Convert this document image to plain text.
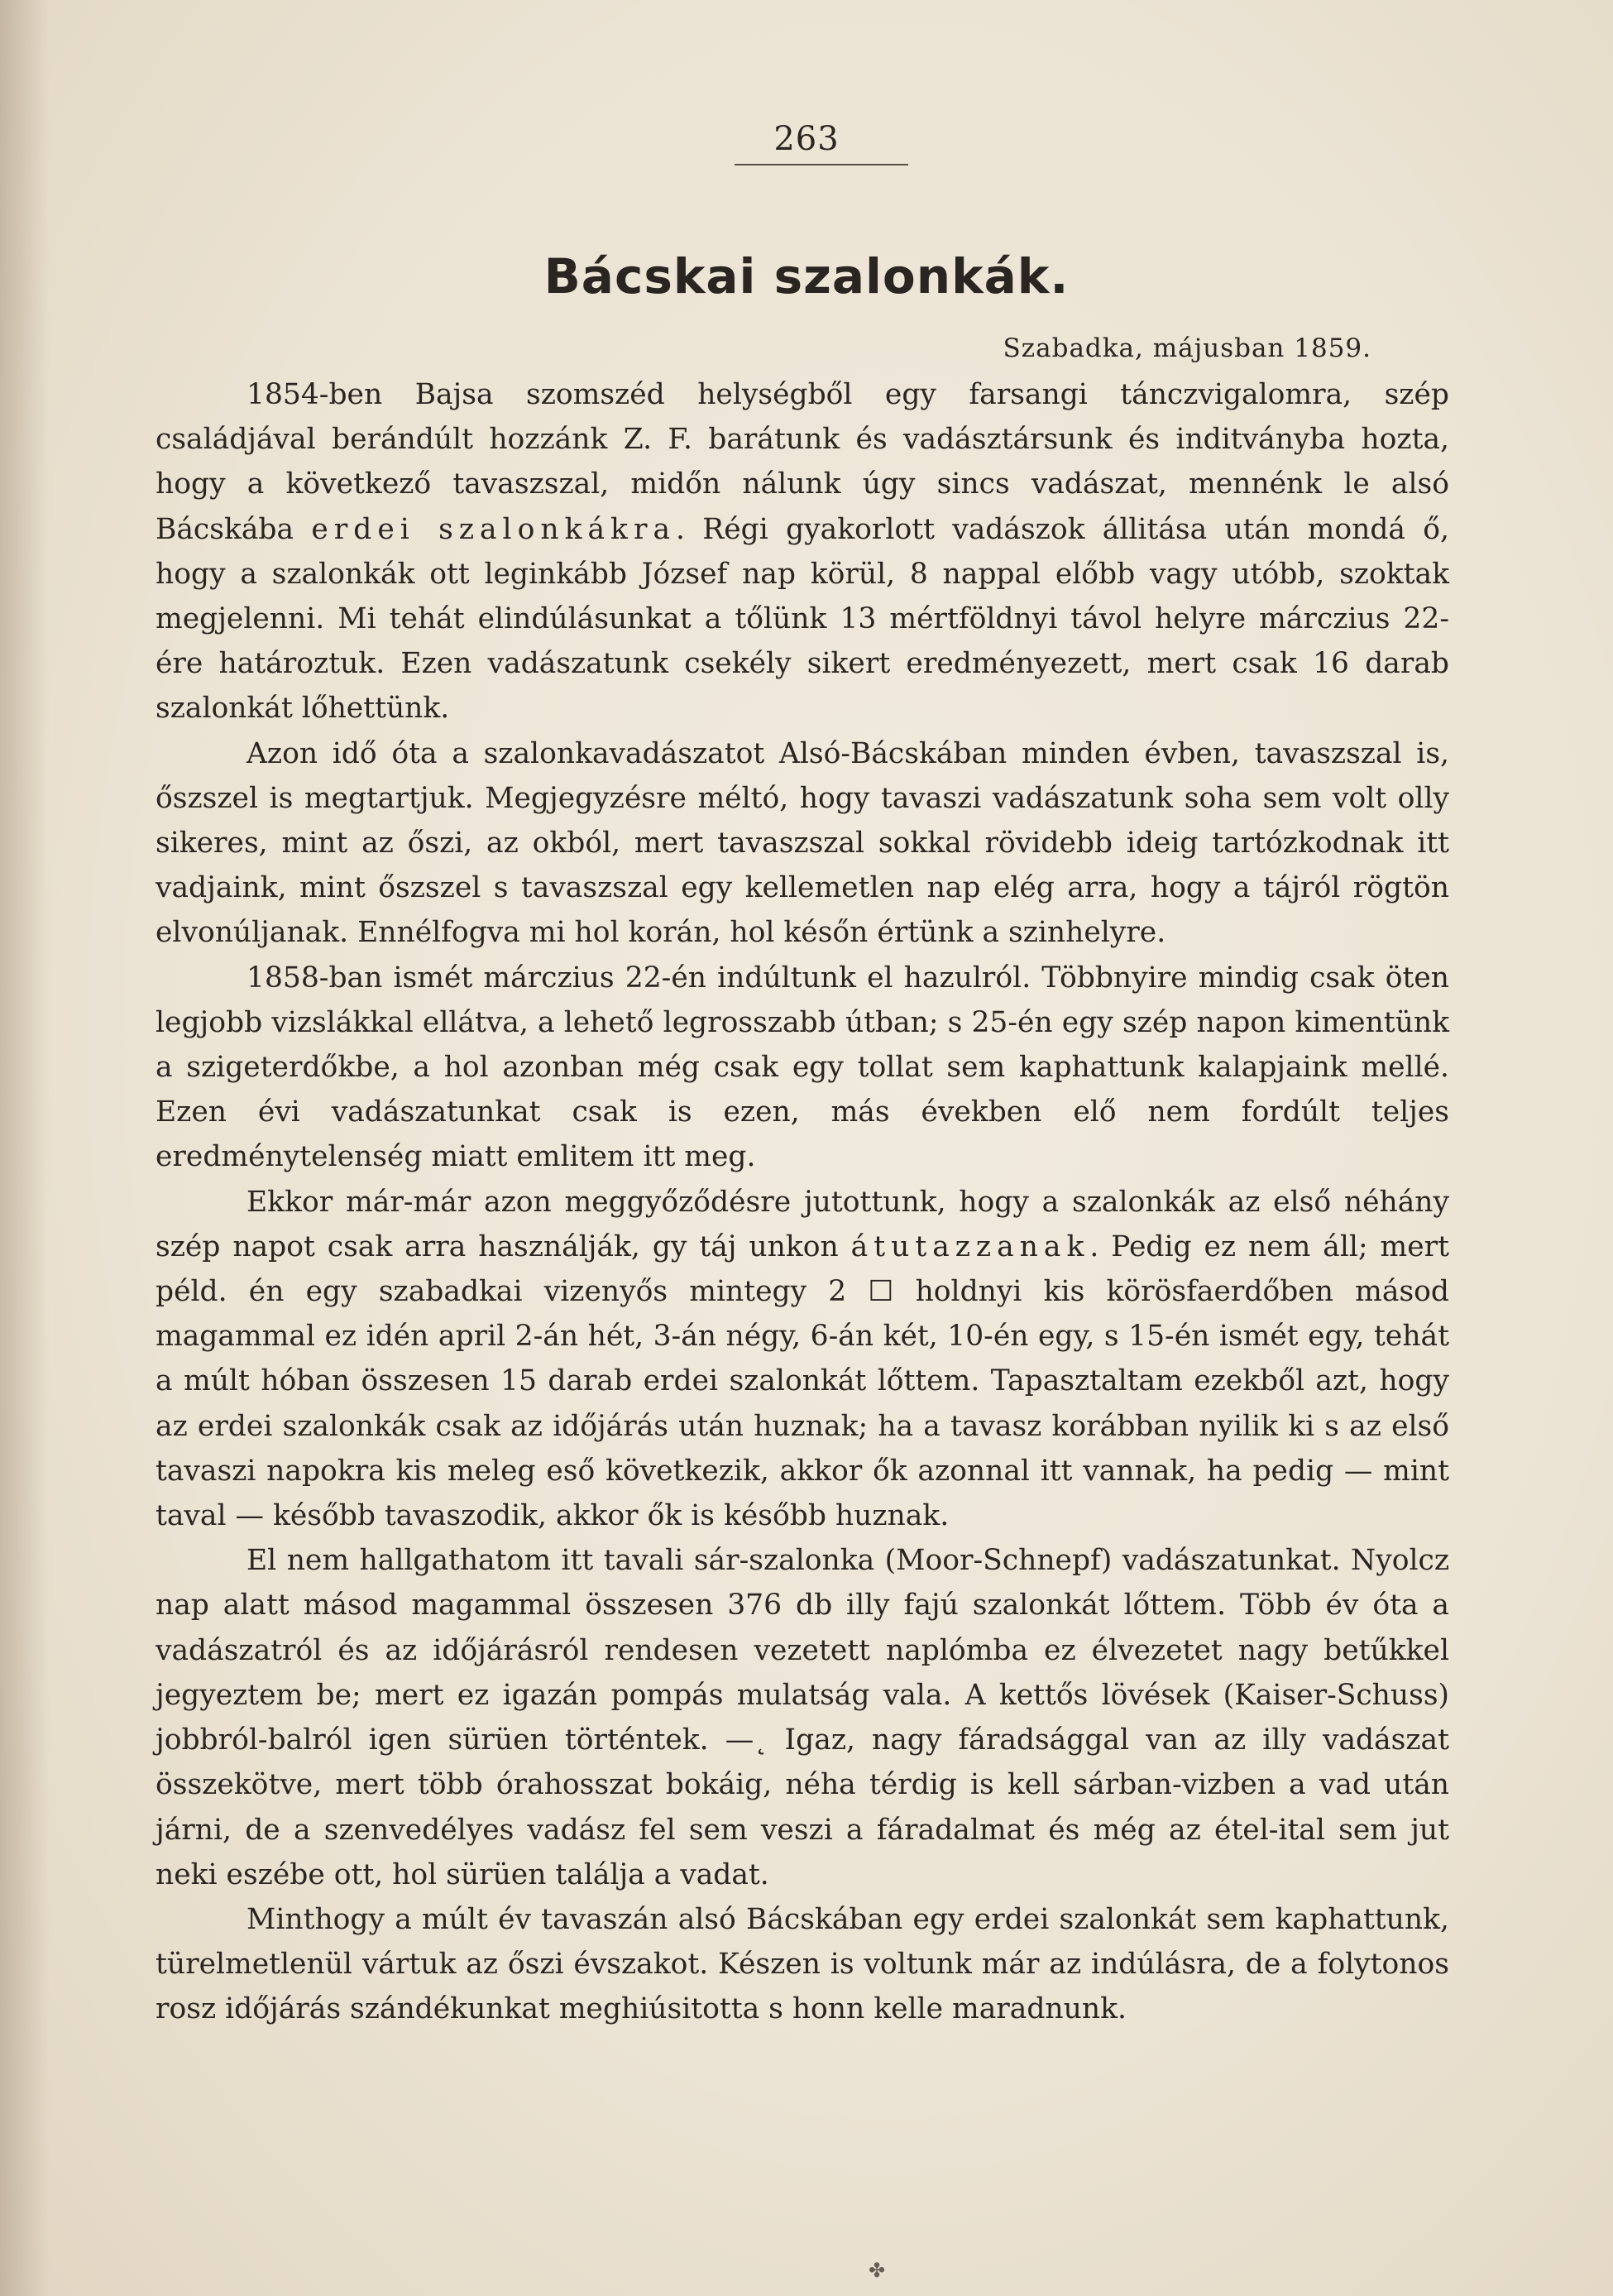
263
Bácskai szalonkák.
Szabadka, májusban 1859.

1854-ben Bajsa szomszéd helységből egy farsangi tánczvigalomra, szép családjával berándúlt hozzánk Z. F. barátunk és vadásztársunk és inditványba hozta, hogy a következő tavaszszal, midőn nálunk úgy sincs vadászat, mennénk le alsó Bácskába erdei szalonkákra. Régi gyakorlott vadászok állitása után mondá ő, hogy a szalonkák ott leginkább József nap körül, 8 nappal előbb vagy utóbb, szoktak megjelenni. Mi tehát elindúlásunkat a tőlünk 13 mértföldnyi távol helyre márczius 22-ére határoztuk. Ezen vadászatunk csekély sikert eredményezett, mert csak 16 darab szalonkát lőhettünk.

Azon idő óta a szalonkavadászatot Alsó-Bácskában minden évben, tavaszszal is, őszszel is megtartjuk. Megjegyzésre méltó, hogy tavaszi vadászatunk soha sem volt olly sikeres, mint az őszi, az okból, mert tavaszszal sokkal rövidebb ideig tartózkodnak itt vadjaink, mint őszszel s tavaszszal egy kellemetlen nap elég arra, hogy a tájról rögtön elvonúljanak. Ennélfogva mi hol korán, hol későn értünk a szinhelyre.

1858-ban ismét márczius 22-én indúltunk el hazulról. Többnyire mindig csak öten legjobb vizslákkal ellátva, a lehető legrosszabb útban; s 25-én egy szép napon kimentünk a szigeterdőkbe, a hol azonban még csak egy tollat sem kaphattunk kalapjaink mellé. Ezen évi vadászatunkat csak is ezen, más években elő nem fordúlt teljes eredménytelenség miatt emlitem itt meg.

Ekkor már-már azon meggyőződésre jutottunk, hogy a szalonkák az első néhány szép napot csak arra használják, gy táj unkon átutazzanak. Pedig ez nem áll; mert péld. én egy szabadkai vizenyős mintegy 2 ☐ holdnyi kis körösfaerdőben másod magammal ez idén april 2-án hét, 3-án négy, 6-án két, 10-én egy, s 15-én ismét egy, tehát a múlt hóban összesen 15 darab erdei szalonkát lőttem. Tapasztaltam ezekből azt, hogy az erdei szalonkák csak az időjárás után huznak; ha a tavasz korábban nyilik ki s az első tavaszi napokra kis meleg eső következik, akkor ők azonnal itt vannak, ha pedig — mint taval — később tavaszodik, akkor ők is később huznak.

El nem hallgathatom itt tavali sár-szalonka (Moor-Schnepf) vadászatunkat. Nyolcz nap alatt másod magammal összesen 376 db illy fajú szalonkát lőttem. Több év óta a vadászatról és az időjárásról rendesen vezetett naplómba ez élvezetet nagy betűkkel jegyeztem be; mert ez igazán pompás mulatság vala. A kettős lövések (Kaiser-Schuss) jobbról-balról igen sürüen történtek. —˛ Igaz, nagy fáradsággal van az illy vadászat összekötve, mert több órahosszat bokáig, néha térdig is kell sárban-vizben a vad után járni, de a szenvedélyes vadász fel sem veszi a fáradalmat és még az étel-ital sem jut neki eszébe ott, hol sürüen találja a vadat.

Minthogy a múlt év tavaszán alsó Bácskában egy erdei szalonkát sem kaphattunk, türelmetlenül vártuk az őszi évszakot. Készen is voltunk már az indúlásra, de a folytonos rosz időjárás szándékunkat meghiúsitotta s honn kelle maradnunk.

✤
